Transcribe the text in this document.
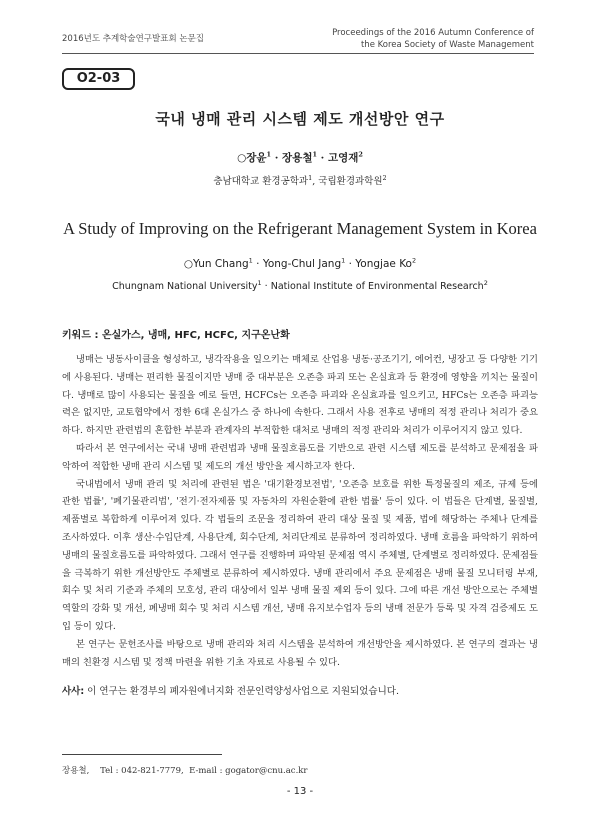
2016년도 추계학술연구발표회 논문집
Proceedings of the 2016 Autumn Conference of
the Korea Society of Waste Management
O2-03
국내 냉매 관리 시스템 제도 개선방안 연구
○장윤$^1$ · 장용철$^1$ · 고영재$^2$
충남대학교 환경공학과$^1$, 국립환경과학원$^2$
A Study of Improving on the Refrigerant Management System in Korea
○Yun Chang$^1$ · Yong-Chul Jang$^1$ · Yongjae Ko$^2$
Chungnam National University$^1$ · National Institute of Environmental Research$^2$
키워드 : 온실가스, 냉매, HFC, HCFC, 지구온난화

냉매는 냉동사이클을 형성하고, 냉각작용을 일으키는 매체로 산업용 냉동·공조기기, 에어컨, 냉장고 등 다양한 기기에 사용된다. 냉매는 편리한 물질이지만 냉매 중 대부분은 오존층 파괴 또는 온실효과 등 환경에 영향을 끼치는 물질이다. 냉매로 많이 사용되는 물질을 예로 들면, HCFCs는 오존층 파괴와 온실효과를 일으키고, HFCs는 오존층 파괴능력은 없지만, 교토협약에서 정한 6대 온실가스 중 하나에 속한다. 그래서 사용 전후로 냉매의 적정 관리나 처리가 중요하다. 하지만 관련법의 혼합한 부분과 관계자의 부적합한 대처로 냉매의 적정 관리와 처리가 이루어지지 않고 있다.

따라서 본 연구에서는 국내 냉매 관련법과 냉매 물질흐름도를 기반으로 관련 시스템 제도를 분석하고 문제점을 파악하여 적합한 냉매 관리 시스템 및 제도의 개선 방안을 제시하고자 한다.

국내법에서 냉매 관리 및 처리에 관련된 법은 '대기환경보전법', '오존층 보호를 위한 특정물질의 제조, 규제 등에 관한 법률', '폐기물관리법', '전기·전자제품 및 자동차의 자원순환에 관한 법률' 등이 있다. 이 법들은 단계별, 물질별, 제품별로 복합하게 이루어져 있다. 각 법들의 조문을 정리하여 관리 대상 물질 및 제품, 법에 해당하는 주체나 단계를 조사하였다. 이후 생산·수입단계, 사용단계, 회수단계, 처리단계로 분류하여 정리하였다. 냉매 흐름을 파악하기 위하여 냉매의 물질흐름도를 파악하였다. 그래서 연구를 진행하며 파악된 문제점 역시 주체별, 단계별로 정리하였다. 문제점들을 극복하기 위한 개선방안도 주체별로 분류하여 제시하였다. 냉매 관리에서 주요 문제점은 냉매 물질 모니터링 부재, 회수 및 처리 기준과 주체의 모호성, 관리 대상에서 일부 냉매 물질 제외 등이 있다. 그에 따른 개선 방안으로는 주체별 역할의 강화 및 개선, 폐냉매 회수 및 처리 시스템 개선, 냉매 유지보수업자 등의 냉매 전문가 등록 및 자격 검증제도 도입 등이 있다.

본 연구는 문헌조사를 바탕으로 냉매 관리와 처리 시스템을 분석하여 개선방안을 제시하였다. 본 연구의 결과는 냉매의 친환경 시스템 및 정책 마련을 위한 기초 자료로 사용될 수 있다.

사사: 이 연구는 환경부의 폐자원에너지화 전문인력양성사업으로 지원되었습니다.
장용철,    Tel : 042-821-7779,  E-mail : gogator@cnu.ac.kr
- 13 -
